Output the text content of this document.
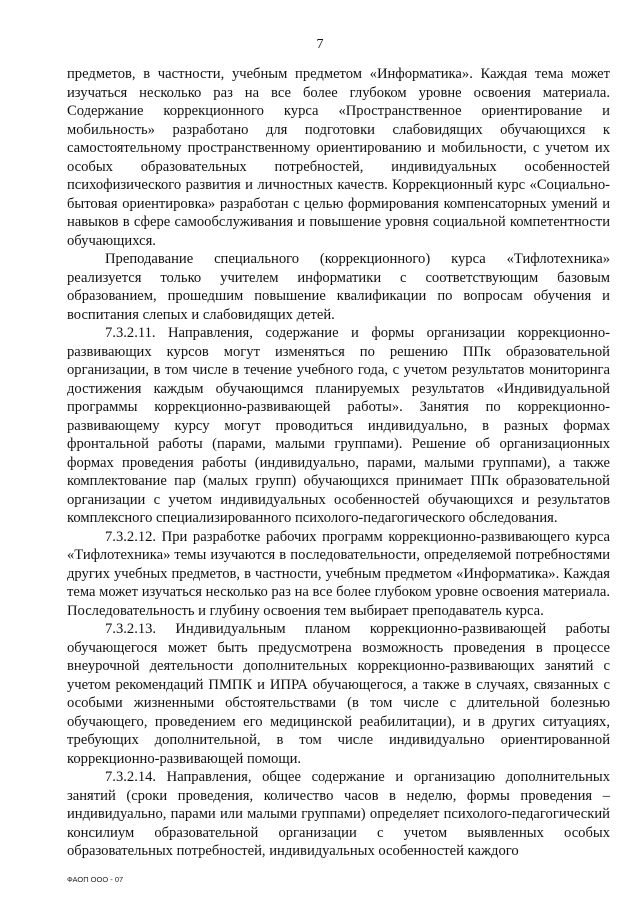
7

предметов, в частности, учебным предметом «Информатика». Каждая тема может изучаться несколько раз на все более глубоком уровне освоения материала. Содержание коррекционного курса «Пространственное ориентирование и мобильность» разработано для подготовки слабовидящих обучающихся к самостоятельному пространственному ориентированию и мобильности, с учетом их особых образовательных потребностей, индивидуальных особенностей психофизического развития и личностных качеств. Коррекционный курс «Социально-бытовая ориентировка» разработан с целью формирования компенсаторных умений и навыков в сфере самообслуживания и повышение уровня социальной компетентности обучающихся.

Преподавание специального (коррекционного) курса «Тифлотехника» реализуется только учителем информатики с соответствующим базовым образованием, прошедшим повышение квалификации по вопросам обучения и воспитания слепых и слабовидящих детей.

7.3.2.11. Направления, содержание и формы организации коррекционно-развивающих курсов могут изменяться по решению ППк образовательной организации, в том числе в течение учебного года, с учетом результатов мониторинга достижения каждым обучающимся планируемых результатов «Индивидуальной программы коррекционно-развивающей работы». Занятия по коррекционно-развивающему курсу могут проводиться индивидуально, в разных формах фронтальной работы (парами, малыми группами). Решение об организационных формах проведения работы (индивидуально, парами, малыми группами), а также комплектование пар (малых групп) обучающихся принимает ППк образовательной организации с учетом индивидуальных особенностей обучающихся и результатов комплексного специализированного психолого-педагогического обследования.

7.3.2.12. При разработке рабочих программ коррекционно-развивающего курса «Тифлотехника» темы изучаются в последовательности, определяемой потребностями других учебных предметов, в частности, учебным предметом «Информатика». Каждая тема может изучаться несколько раз на все более глубоком уровне освоения материала. Последовательность и глубину освоения тем выбирает преподаватель курса.

7.3.2.13. Индивидуальным планом коррекционно-развивающей работы обучающегося может быть предусмотрена возможность проведения в процессе внеурочной деятельности дополнительных коррекционно-развивающих занятий с учетом рекомендаций ПМПК и ИПРА обучающегося, а также в случаях, связанных с особыми жизненными обстоятельствами (в том числе с длительной болезнью обучающего, проведением его медицинской реабилитации), и в других ситуациях, требующих дополнительной, в том числе индивидуально ориентированной коррекционно-развивающей помощи.

7.3.2.14. Направления, общее содержание и организацию дополнительных занятий (сроки проведения, количество часов в неделю, формы проведения – индивидуально, парами или малыми группами) определяет психолого-педагогический консилиум образовательной организации с учетом выявленных особых образовательных потребностей, индивидуальных особенностей каждого

ФАОП ООО - 07
